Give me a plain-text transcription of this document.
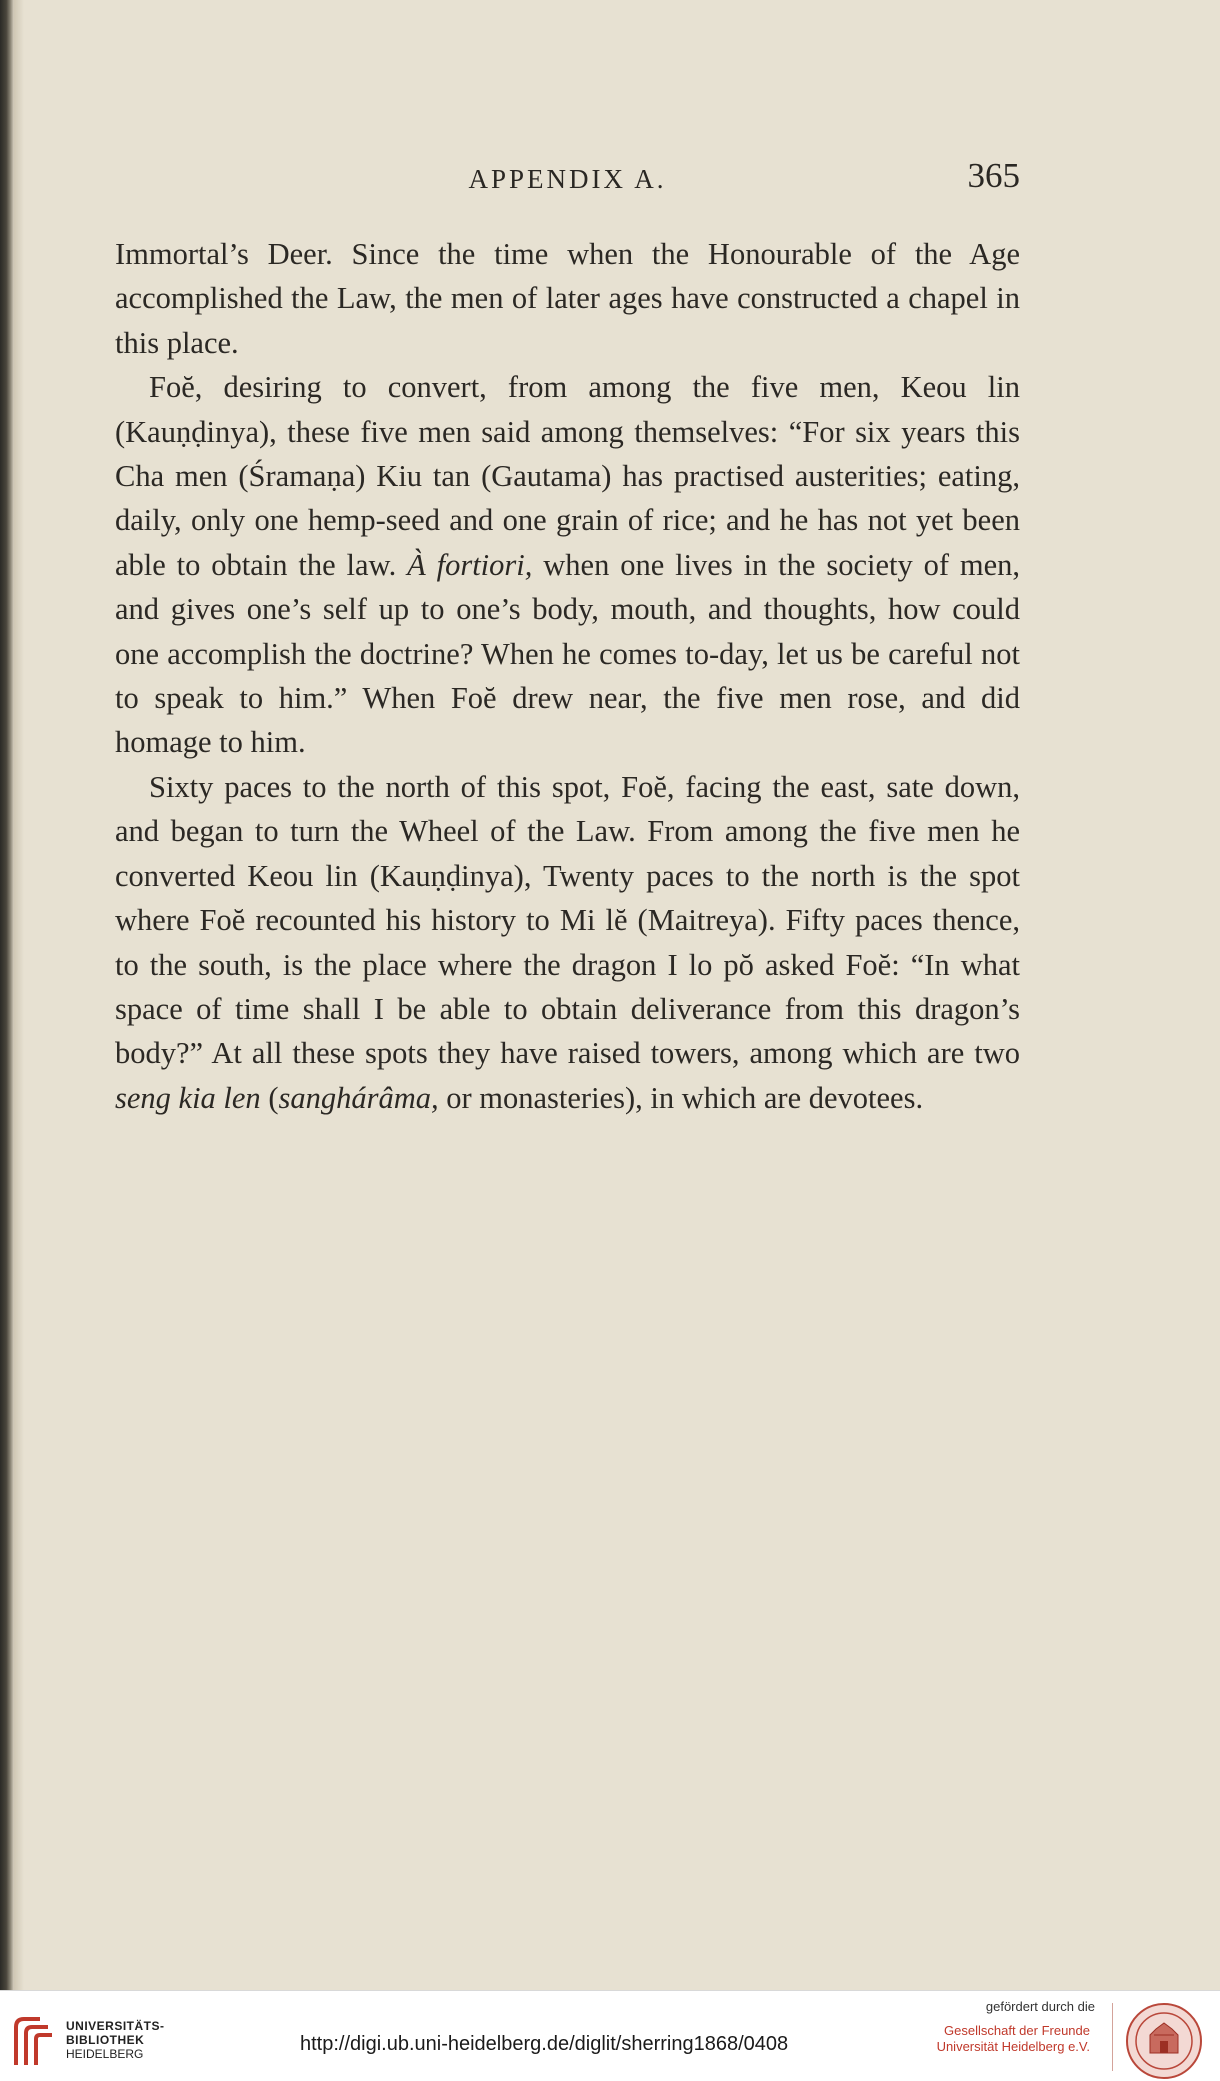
APPENDIX A.	365

Immortal’s Deer. Since the time when the Honourable of the Age accomplished the Law, the men of later ages have constructed a chapel in this place.

Foĕ, desiring to convert, from among the five men, Keou lin (Kauṇḍinya), these five men said among themselves: “For six years this Cha men (Śramaṇa) Kiu tan (Gautama) has practised austerities; eating, daily, only one hemp-seed and one grain of rice; and he has not yet been able to obtain the law. À fortiori, when one lives in the society of men, and gives one’s self up to one’s body, mouth, and thoughts, how could one accomplish the doctrine? When he comes to-day, let us be careful not to speak to him.” When Foĕ drew near, the five men rose, and did homage to him.

Sixty paces to the north of this spot, Foĕ, facing the east, sate down, and began to turn the Wheel of the Law. From among the five men he converted Keou lin (Kauṇḍinya), Twenty paces to the north is the spot where Foĕ recounted his history to Mi lĕ (Maitreya). Fifty paces thence, to the south, is the place where the dragon I lo pŏ asked Foĕ: “In what space of time shall I be able to obtain deliverance from this dragon’s body?” At all these spots they have raised towers, among which are two seng kia len (sanghárâma, or monasteries), in which are devotees.

UNIVERSITÄTS-
BIBLIOTHEK
HEIDELBERG	http://digi.ub.uni-heidelberg.de/diglit/sherring1868/0408
gefördert durch die
Gesellschaft der Freunde
Universität Heidelberg e.V.
